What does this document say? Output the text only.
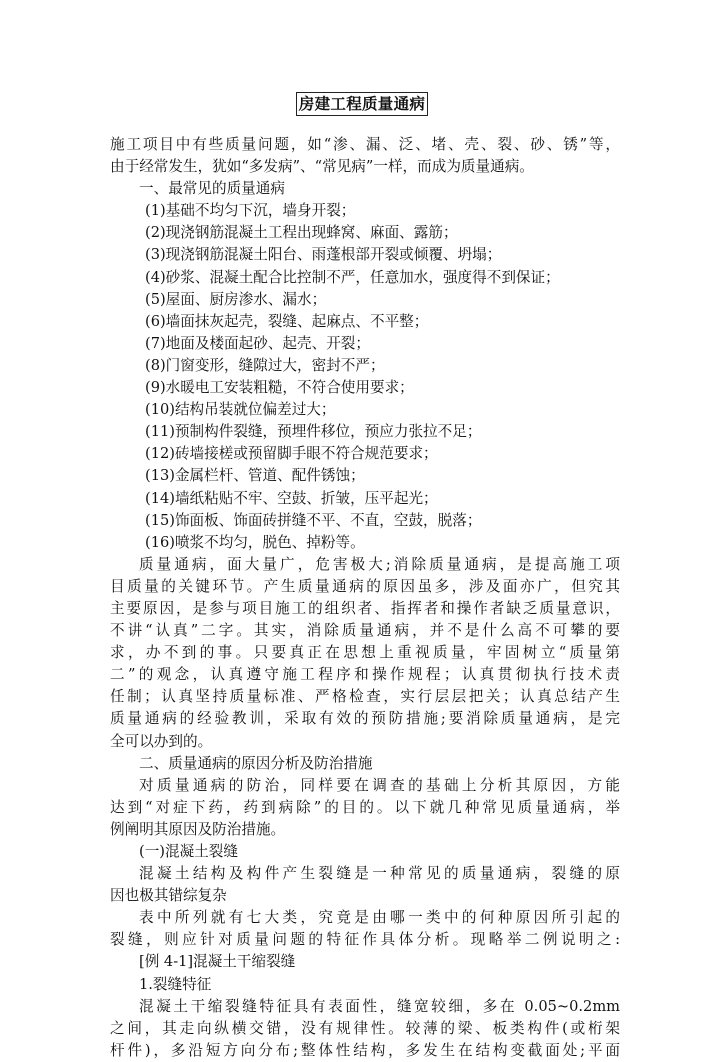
房建工程质量通病
施工项目中有些质量问题，如“渗、漏、泛、堵、壳、裂、砂、锈”等，
由于经常发生，犹如“多发病”、“常见病”一样，而成为质量通病。
一、最常见的质量通病
(1)基础不均匀下沉，墙身开裂；
(2)现浇钢筋混凝土工程出现蜂窝、麻面、露筋；
(3)现浇钢筋混凝土阳台、雨蓬根部开裂或倾覆、坍塌；
(4)砂浆、混凝土配合比控制不严，任意加水，强度得不到保证；
(5)屋面、厨房渗水、漏水；
(6)墙面抹灰起壳，裂缝、起麻点、不平整；
(7)地面及楼面起砂、起壳、开裂；
(8)门窗变形，缝隙过大，密封不严；
(9)水暖电工安装粗糙，不符合使用要求；
(10)结构吊装就位偏差过大；
(11)预制构件裂缝，预埋件移位，预应力张拉不足；
(12)砖墙接槎或预留脚手眼不符合规范要求；
(13)金属栏杆、管道、配件锈蚀；
(14)墙纸粘贴不牢、空鼓、折皱，压平起光；
(15)饰面板、饰面砖拼缝不平、不直，空鼓，脱落；
(16)喷浆不均匀，脱色、掉粉等。
质量通病，面大量广，危害极大;消除质量通病，是提高施工项
目质量的关键环节。产生质量通病的原因虽多，涉及面亦广，但究其
主要原因，是参与项目施工的组织者、指挥者和操作者缺乏质量意识，
不讲“认真”二字。其实，消除质量通病，并不是什么高不可攀的要
求，办不到的事。只要真正在思想上重视质量，牢固树立“质量第
二”的观念，认真遵守施工程序和操作规程；认真贯彻执行技术责
任制；认真坚持质量标准、严格检查，实行层层把关；认真总结产生
质量通病的经验教训，采取有效的预防措施;要消除质量通病，是完
全可以办到的。
二、质量通病的原因分析及防治措施
对质量通病的防治，同样要在调查的基础上分析其原因，方能
达到“对症下药，药到病除”的目的。以下就几种常见质量通病，举
例阐明其原因及防治措施。
(一)混凝土裂缝
混凝土结构及构件产生裂缝是一种常见的质量通病，裂缝的原
因也极其错综复杂
表中所列就有七大类，究竟是由哪一类中的何种原因所引起的
裂缝，则应针对质量问题的特征作具体分析。现略举二例说明之:
[例 4-1]混凝土干缩裂缝
1.裂缝特征
混凝土干缩裂缝特征具有表面性，缝宽较细，多在 0.05~0.2mm
之间，其走向纵横交错，没有规律性。较薄的梁、板类构件(或桁架
杆件)，多沿短方向分布;整体性结构，多发生在结构变截面处;平面
